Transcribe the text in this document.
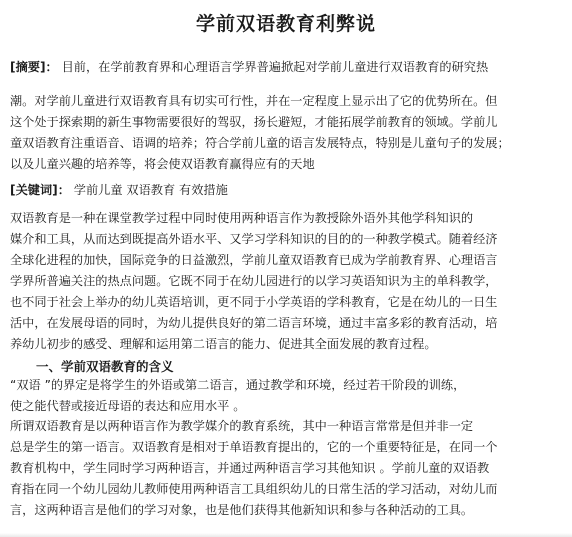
学前双语教育利弊说
[摘要]： 目前，在学前教育界和心理语言学界普遍掀起对学前儿童进行双语教育的研究热
潮。对学前儿童进行双语教育具有切实可行性，并在一定程度上显示出了它的优势所在。但
这个处于探索期的新生事物需要很好的驾驭，扬长避短，才能拓展学前教育的领域。学前儿
童双语教育注重语音、语调的培养；符合学前儿童的语言发展特点，特别是儿童句子的发展；
以及儿童兴趣的培养等，将会使双语教育赢得应有的天地
[关键词]： 学前儿童 双语教育 有效措施
双语教育是一种在课堂教学过程中同时使用两种语言作为教授除外语外其他学科知识的
媒介和工具，从而达到既提高外语水平、又学习学科知识的目的的一种教学模式。随着经济
全球化进程的加快，国际竞争的日益激烈，学前儿童双语教育已成为学前教育界、心理语言
学界所普遍关注的热点问题。它既不同于在幼儿园进行的以学习英语知识为主的单科教学，
也不同于社会上举办的幼儿英语培训，更不同于小学英语的学科教育，它是在幼儿的一日生
活中，在发展母语的同时，为幼儿提供良好的第二语言环境，通过丰富多彩的教育活动，培
养幼儿初步的感受、理解和运用第二语言的能力、促进其全面发展的教育过程。
一、学前双语教育的含义
“双语 ”的界定是将学生的外语或第二语言，通过教学和环境，经过若干阶段的训练，
使之能代替或接近母语的表达和应用水平 。
所谓双语教育是以两种语言作为教学媒介的教育系统，其中一种语言常常是但并非一定
总是学生的第一语言。双语教育是相对于单语教育提出的，它的一个重要特征是，在同一个
教育机构中，学生同时学习两种语言，并通过两种语言学习其他知识 。学前儿童的双语教
育指在同一个幼儿园幼儿教师使用两种语言工具组织幼儿的日常生活的学习活动，对幼儿而
言，这两种语言是他们的学习对象，也是他们获得其他新知识和参与各种活动的工具。
